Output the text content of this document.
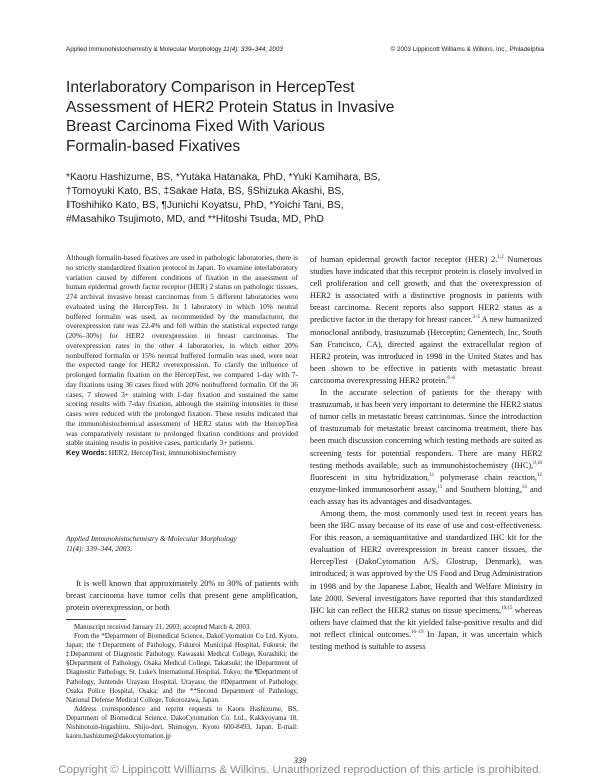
Applied Immunohistochemistry & Molecular Morphology 11(4): 339–344, 2003	© 2003 Lippincott Williams & Wilkins, Inc., Philadelphia
Interlaboratory Comparison in HercepTest
Assessment of HER2 Protein Status in Invasive
Breast Carcinoma Fixed With Various
Formalin-based Fixatives
*Kaoru Hashizume, BS, *Yutaka Hatanaka, PhD, *Yuki Kamihara, BS,
†Tomoyuki Kato, BS, ‡Sakae Hata, BS, §Shizuka Akashi, BS,
‖Toshihiko Kato, BS, ¶Junichi Koyatsu, PhD, *Yoichi Tani, BS,
#Masahiko Tsujimoto, MD, and **Hitoshi Tsuda, MD, PhD

Although formalin-based fixatives are used in pathologic laboratories, there is no strictly standardized fixation protocol in Japan. To examine interlaboratory variation caused by different conditions of fixation in the assessment of human epidermal growth factor receptor (HER) 2 status on pathologic tissues, 274 archival invasive breast carcinomas from 5 different laboratories were evaluated using the HercepTest. In 1 laboratory in which 10% neutral buffered formalin was used, as recommended by the manufacturer, the overexpression rate was 22.4% and fell within the statistical expected range (20%–30%) for HER2 overexpression in breast carcinomas. The overexpression rates in the other 4 laboratories, in which either 20% nonbuffered formalin or 15% neutral buffered formalin was used, were near the expected range for HER2 overexpression. To clarify the influence of prolonged formalin fixation on the HercepTest, we compared 1-day with 7-day fixations using 36 cases fixed with 20% nonbuffered formalin. Of the 36 cases, 7 showed 3+ staining with 1-day fixation and sustained the same scoring results with 7-day fixation, although the staining intensities in these cases were reduced with the prolonged fixation. These results indicated that the immunohistochemical assessment of HER2 status with the HercepTest was comparatively resistant to prolonged fixation conditions and provided stable staining results in positive cases, particularly 3+ patients.

Key Words: HER2, HercepTest, immunohistochemistry

Applied Immunohistochemistry & Molecular Morphology
11(4): 339–344, 2003.

It is well known that approximately 20% to 30% of patients with breast carcinoma have tumor cells that present gene amplification, protein overexpression, or both

Manuscript received January 21, 2003; accepted March 4, 2003.

From the *Department of Biomedical Science, DakoCytomation Co Ltd, Kyoto, Japan; the †Department of Pathology, Fukuroi Municipal Hospital, Fukuroi; the ‡Department of Diagnostic Pathology, Kawasaki Medical College, Kurashiki; the §Department of Pathology, Osaka Medical College, Takatsuki; the ‖Department of Diagnostic Pathology, St. Luke's International Hospital, Tokyo; the ¶Department of Pathology, Juntendo Urayasu Hospital, Urayasu; the #Department of Pathology, Osaka Police Hospital, Osaka; and the **Second Department of Pathology, National Defense Medical College, Tokorozawa, Japan.

Address correspondence and reprint requests to Kaoru Hashizume, BS, Department of Biomedical Science, DakoCytomation Co. Ltd., Kakkyoyama 18, Nishinotoin-higashiiru, Shijo-dori, Shimogyo, Kyoto 600-8493, Japan. E-mail: kaoru.hashizume@dakocytomation.jp

of human epidermal growth factor receptor (HER) 2.$^{1,2}$ Numerous studies have indicated that this receptor protein is closely involved in cell proliferation and cell growth, and that the overexpression of HER2 is associated with a distinctive prognosis in patients with breast carcinoma. Recent reports also support HER2 status as a predictive factor in the therapy for breast cancer.$^{3-5}$ A new humanized monoclonal antibody, trastuzumab (Herceptin; Genentech, Inc, South San Francisco, CA), directed against the extracellular region of HER2 protein, was introduced in 1998 in the United States and has been shown to be effective in patients with metastatic breast carcinoma overexpressing HER2 protein.$^{6-8}$

In the accurate selection of patients for the therapy with trastuzumab, it has been very important to determine the HER2 status of tumor cells in metastatic breast carcinomas. Since the introduction of trastuzumab for metastatic breast carcinoma treatment, there has been much discussion concerning which testing methods are suited as screening tests for potential responders. There are many HER2 testing methods available, such as immunohistochemistry (IHC),$^{9,10}$ fluorescent in situ hybridization,$^{11}$ polymerase chain reaction,$^{12}$ enzyme-linked immunosorbent assay,$^{13}$ and Southern blotting,$^{14}$ and each assay has its advantages and disadvantages.

Among them, the most commonly used test in recent years has been the IHC assay because of its ease of use and cost-effectiveness. For this reason, a semiquantitative and standardized IHC kit for the evaluation of HER2 overexpression in breast cancer tissues, the HercepTest (DakoCytomation A/S, Glostrup, Denmark), was introduced; it was approved by the US Food and Drug Administration in 1998 and by the Japanese Labor, Health and Welfare Ministry in late 2000. Several investigators have reported that this standardized IHC kit can reflect the HER2 status on tissue specimens,$^{10,15}$ whereas others have claimed that the kit yielded false-positive results and did not reflect clinical outcomes.$^{16-19}$ In Japan, it was uncertain which testing method is suitable to assess

339
Copyright © Lippincott Williams & Wilkins. Unauthorized reproduction of this article is prohibited.
